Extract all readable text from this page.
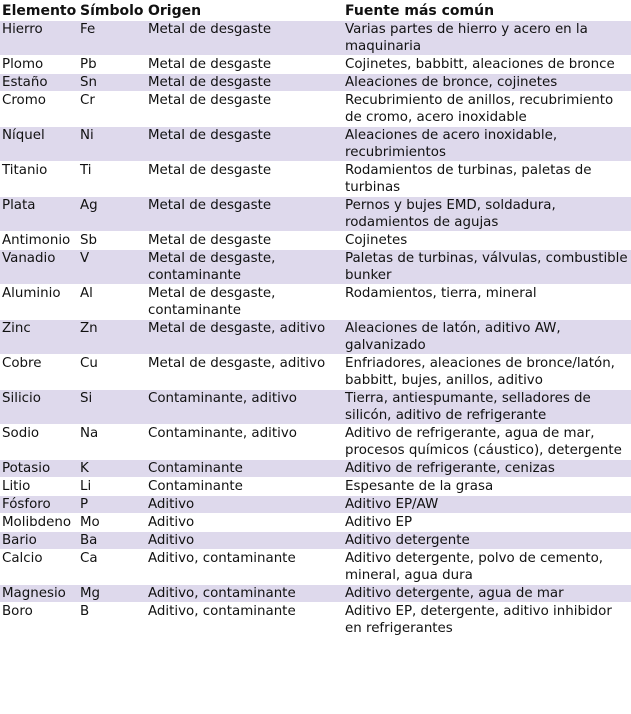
Elemento	Símbolo	Origen	Fuente más común
Hierro	Fe	Metal de desgaste	Varias partes de hierro y acero en la maquinaria
Plomo	Pb	Metal de desgaste	Cojinetes, babbitt, aleaciones de bronce
Estaño	Sn	Metal de desgaste	Aleaciones de bronce, cojinetes
Cromo	Cr	Metal de desgaste	Recubrimiento de anillos, recubrimiento de cromo, acero inoxidable
Níquel	Ni	Metal de desgaste	Aleaciones de acero inoxidable, recubrimientos
Titanio	Ti	Metal de desgaste	Rodamientos de turbinas, paletas de turbinas
Plata	Ag	Metal de desgaste	Pernos y bujes EMD, soldadura, rodamientos de agujas
Antimonio	Sb	Metal de desgaste	Cojinetes
Vanadio	V	Metal de desgaste, contaminante	Paletas de turbinas, válvulas, combustible bunker
Aluminio	Al	Metal de desgaste, contaminante	Rodamientos, tierra, mineral
Zinc	Zn	Metal de desgaste, aditivo	Aleaciones de latón, aditivo AW, galvanizado
Cobre	Cu	Metal de desgaste, aditivo	Enfriadores, aleaciones de bronce/latón, babbitt, bujes, anillos, aditivo
Silicio	Si	Contaminante, aditivo	Tierra, antiespumante, selladores de silicón, aditivo de refrigerante
Sodio	Na	Contaminante, aditivo	Aditivo de refrigerante, agua de mar, procesos químicos (cáustico), detergente
Potasio	K	Contaminante	Aditivo de refrigerante, cenizas
Litio	Li	Contaminante	Espesante de la grasa
Fósforo	P	Aditivo	Aditivo EP/AW
Molibdeno	Mo	Aditivo	Aditivo EP
Bario	Ba	Aditivo	Aditivo detergente
Calcio	Ca	Aditivo, contaminante	Aditivo detergente, polvo de cemento, mineral, agua dura
Magnesio	Mg	Aditivo, contaminante	Aditivo detergente, agua de mar
Boro	B	Aditivo, contaminante	Aditivo EP, detergente, aditivo inhibidor en refrigerantes
